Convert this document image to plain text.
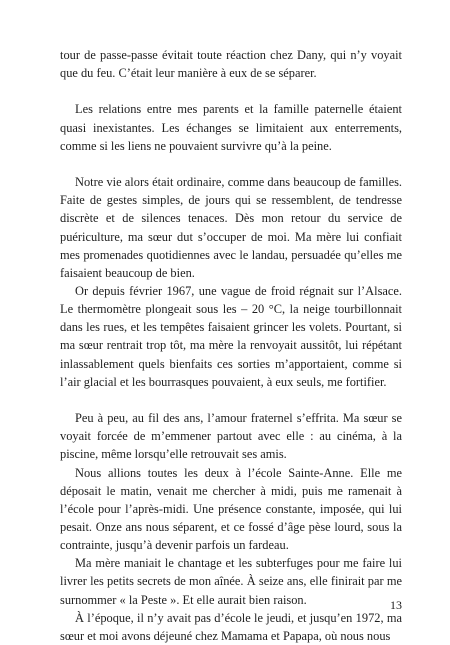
tour de passe-passe évitait toute réaction chez Dany, qui n’y voyait que du feu. C’était leur manière à eux de se séparer.

Les relations entre mes parents et la famille paternelle étaient quasi inexistantes. Les échanges se limitaient aux enterrements, comme si les liens ne pouvaient survivre qu’à la peine.

Notre vie alors était ordinaire, comme dans beaucoup de familles. Faite de gestes simples, de jours qui se ressemblent, de tendresse discrète et de silences tenaces. Dès mon retour du service de puériculture, ma sœur dut s’occuper de moi. Ma mère lui confiait mes promenades quotidiennes avec le landau, persuadée qu’elles me faisaient beaucoup de bien.

Or depuis février 1967, une vague de froid régnait sur l’Alsace. Le thermomètre plongeait sous les – 20 °C, la neige tourbillonnait dans les rues, et les tempêtes faisaient grincer les volets. Pourtant, si ma sœur rentrait trop tôt, ma mère la renvoyait aussitôt, lui répétant inlassablement quels bienfaits ces sorties m’apportaient, comme si l’air glacial et les bourrasques pouvaient, à eux seuls, me fortifier.

Peu à peu, au fil des ans, l’amour fraternel s’effrita. Ma sœur se voyait forcée de m’emmener partout avec elle : au cinéma, à la piscine, même lorsqu’elle retrouvait ses amis.

Nous allions toutes les deux à l’école Sainte-Anne. Elle me déposait le matin, venait me chercher à midi, puis me ramenait à l’école pour l’après-midi. Une présence constante, imposée, qui lui pesait. Onze ans nous séparent, et ce fossé d’âge pèse lourd, sous la contrainte, jusqu’à devenir parfois un fardeau.

Ma mère maniait le chantage et les subterfuges pour me faire lui livrer les petits secrets de mon aînée. À seize ans, elle finirait par me surnommer « la Peste ». Et elle aurait bien raison.

À l’époque, il n’y avait pas d’école le jeudi, et jusqu’en 1972, ma sœur et moi avons déjeuné chez Mamama et Papapa, où nous nous

13
